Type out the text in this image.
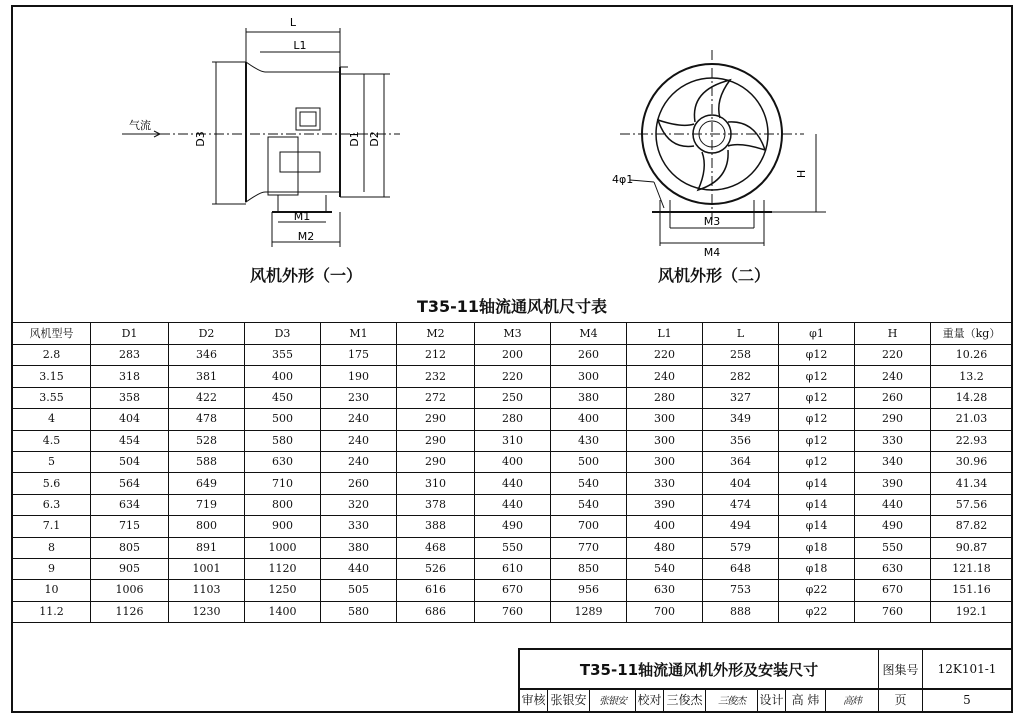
L
L1
D3	D1 D2
M1
M2
气流
风机外形（一）
4φ1
M3
M4
H
风机外形（二）
T35-11轴流通风机尺寸表
风机型号	D1	D2	D3	M1	M2	M3	M4	L1	L	φ1	H	重量（kg）
2.8	283	346	355	175	212	200	260	220	258	φ12	220	10.26
3.15	318	381	400	190	232	220	300	240	282	φ12	240	13.2
3.55	358	422	450	230	272	250	380	280	327	φ12	260	14.28
4	404	478	500	240	290	280	400	300	349	φ12	290	21.03
4.5	454	528	580	240	290	310	430	300	356	φ12	330	22.93
5	504	588	630	240	290	400	500	300	364	φ12	340	30.96
5.6	564	649	710	260	310	440	540	330	404	φ14	390	41.34
6.3	634	719	800	320	378	440	540	390	474	φ14	440	57.56
7.1	715	800	900	330	388	490	700	400	494	φ14	490	87.82
8	805	891	1000	380	468	550	770	480	579	φ18	550	90.87
9	905	1001	1120	440	526	610	850	540	648	φ18	630	121.18
10	1006	1103	1250	505	616	670	956	630	753	φ22	670	151.16
11.2	1126	1230	1400	580	686	760	1289	700	888	φ22	760	192.1
T35-11轴流通风机外形及安装尺寸	图集号	12K101-1
审核 张银安	张银安 校对 三俊杰	三俊杰	设计 高 炜	高炜	页	5
